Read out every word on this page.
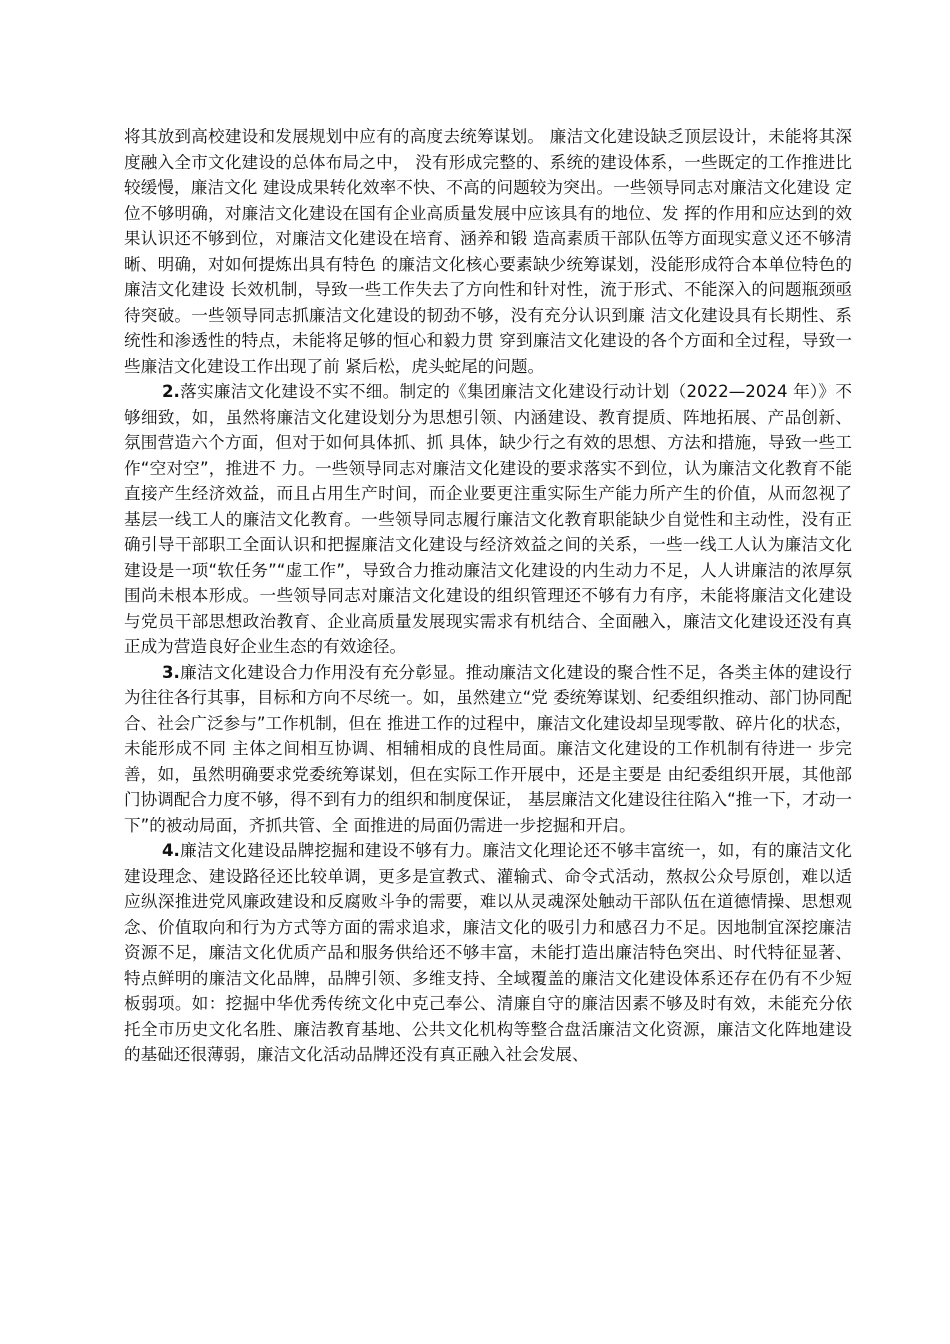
将其放到高校建设和发展规划中应有的高度去统筹谋划。 廉洁文化建设缺乏顶层设计，未能将其深度融入全市文化建设的总体布局之中， 没有形成完整的、系统的建设体系，一些既定的工作推进比较缓慢，廉洁文化 建设成果转化效率不快、不高的问题较为突出。一些领导同志对廉洁文化建设 定位不够明确，对廉洁文化建设在国有企业高质量发展中应该具有的地位、发 挥的作用和应达到的效果认识还不够到位，对廉洁文化建设在培育、涵养和锻 造高素质干部队伍等方面现实意义还不够清晰、明确，对如何提炼出具有特色 的廉洁文化核心要素缺少统筹谋划，没能形成符合本单位特色的廉洁文化建设 长效机制，导致一些工作失去了方向性和针对性，流于形式、不能深入的问题瓶颈亟待突破。一些领导同志抓廉洁文化建设的韧劲不够，没有充分认识到廉 洁文化建设具有长期性、系统性和渗透性的特点，未能将足够的恒心和毅力贯 穿到廉洁文化建设的各个方面和全过程，导致一些廉洁文化建设工作出现了前 紧后松，虎头蛇尾的问题。

2.落实廉洁文化建设不实不细。制定的《集团廉洁文化建设行动计划（2022—2024 年）》不够细致，如，虽然将廉洁文化建设划分为思想引领、内涵建设、教育提质、阵地拓展、产品创新、氛围营造六个方面，但对于如何具体抓、抓 具体，缺少行之有效的思想、方法和措施，导致一些工作“空对空”，推进不 力。一些领导同志对廉洁文化建设的要求落实不到位，认为廉洁文化教育不能 直接产生经济效益，而且占用生产时间，而企业要更注重实际生产能力所产生的价值，从而忽视了基层一线工人的廉洁文化教育。一些领导同志履行廉洁文化教育职能缺少自觉性和主动性，没有正确引导干部职工全面认识和把握廉洁文化建设与经济效益之间的关系，一些一线工人认为廉洁文化建设是一项“软任务”“虚工作”，导致合力推动廉洁文化建设的内生动力不足，人人讲廉洁的浓厚氛围尚未根本形成。一些领导同志对廉洁文化建设的组织管理还不够有力有序，未能将廉洁文化建设与党员干部思想政治教育、企业高质量发展现实需求有机结合、全面融入，廉洁文化建设还没有真正成为营造良好企业生态的有效途径。

3.廉洁文化建设合力作用没有充分彰显。推动廉洁文化建设的聚合性不足，各类主体的建设行为往往各行其事，目标和方向不尽统一。如，虽然建立“党 委统筹谋划、纪委组织推动、部门协同配合、社会广泛参与”工作机制，但在 推进工作的过程中，廉洁文化建设却呈现零散、碎片化的状态，未能形成不同 主体之间相互协调、相辅相成的良性局面。廉洁文化建设的工作机制有待进一 步完善，如，虽然明确要求党委统筹谋划，但在实际工作开展中，还是主要是 由纪委组织开展，其他部门协调配合力度不够，得不到有力的组织和制度保证， 基层廉洁文化建设往往陷入“推一下，才动一下”的被动局面，齐抓共管、全 面推进的局面仍需进一步挖掘和开启。

4.廉洁文化建设品牌挖掘和建设不够有力。廉洁文化理论还不够丰富统一，如，有的廉洁文化建设理念、建设路径还比较单调，更多是宣教式、灌输式、命令式活动，熬叔公众号原创，难以适应纵深推进党风廉政建设和反腐败斗争的需要，难以从灵魂深处触动干部队伍在道德情操、思想观念、价值取向和行为方式等方面的需求追求，廉洁文化的吸引力和感召力不足。因地制宜深挖廉洁资源不足，廉洁文化优质产品和服务供给还不够丰富，未能打造出廉洁特色突出、时代特征显著、特点鲜明的廉洁文化品牌，品牌引领、多维支持、全域覆盖的廉洁文化建设体系还存在仍有不少短板弱项。如：挖掘中华优秀传统文化中克己奉公、清廉自守的廉洁因素不够及时有效，未能充分依托全市历史文化名胜、廉洁教育基地、公共文化机构等整合盘活廉洁文化资源，廉洁文化阵地建设的基础还很薄弱，廉洁文化活动品牌还没有真正融入社会发展、
